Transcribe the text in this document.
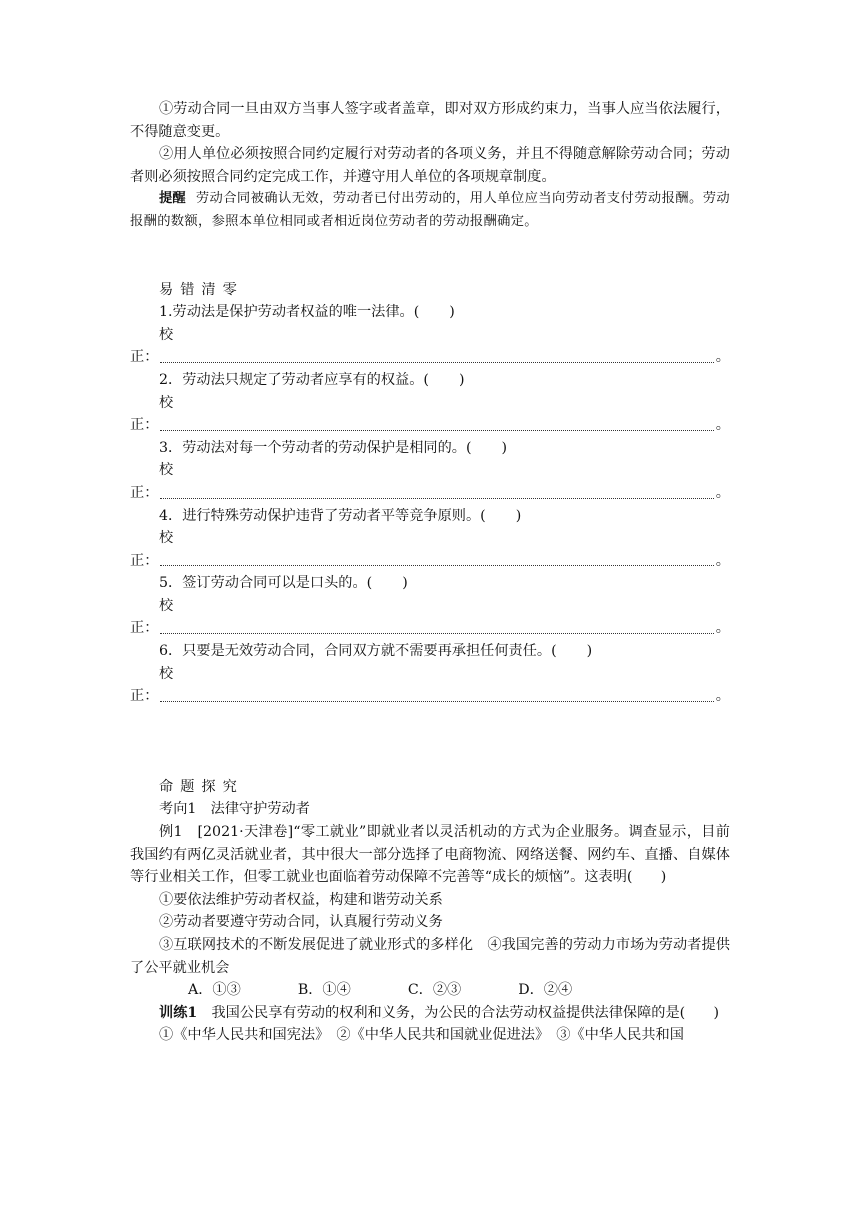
①劳动合同一旦由双方当事人签字或者盖章，即对双方形成约束力，当事人应当依法履行，不得随意变更。
②用人单位必须按照合同约定履行对劳动者的各项义务，并且不得随意解除劳动合同；劳动者则必须按照合同约定完成工作，并遵守用人单位的各项规章制度。
提醒 劳动合同被确认无效，劳动者已付出劳动的，用人单位应当向劳动者支付劳动报酬。劳动报酬的数额，参照本单位相同或者相近岗位劳动者的劳动报酬确定。
易错清零
1.劳动法是保护劳动者权益的唯一法律。( )
校
正：	。
2．劳动法只规定了劳动者应享有的权益。( )
校
正：	。
3．劳动法对每一个劳动者的劳动保护是相同的。( )
校
正：	。
4．进行特殊劳动保护违背了劳动者平等竞争原则。( )
校
正：	。
5．签订劳动合同可以是口头的。( )
校
正：	。
6．只要是无效劳动合同，合同双方就不需要再承担任何责任。( )
校
正：	。
命题探究
考向1　法律守护劳动者
例1　 [2021·天津卷]“零工就业”即就业者以灵活机动的方式为企业服务。调查显示，目前我国约有两亿灵活就业者，其中很大一部分选择了电商物流、网络送餐、网约车、直播、自媒体等行业相关工作，但零工就业也面临着劳动保障不完善等“成长的烦恼”。这表明(　　)
①要依法维护劳动者权益，构建和谐劳动关系
②劳动者要遵守劳动合同，认真履行劳动义务
③互联网技术的不断发展促进了就业形式的多样化　④我国完善的劳动力市场为劳动者提供了公平就业机会
A．①③	B．①④	C．②③	D．②④
训练1　 我国公民享有劳动的权利和义务，为公民的合法劳动权益提供法律保障的是(　　)
①《中华人民共和国宪法》　②《中华人民共和国就业促进法》　③《中华人民共和国
